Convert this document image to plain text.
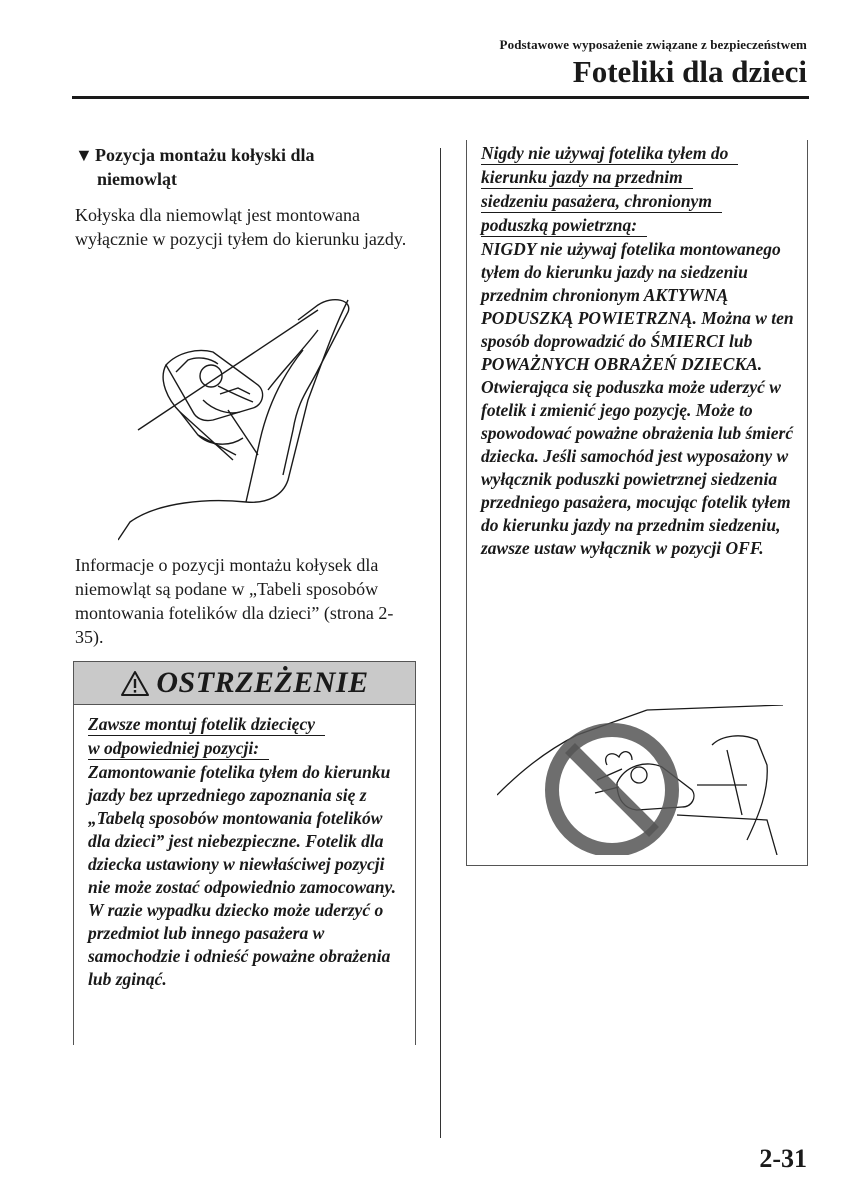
Podstawowe wyposażenie związane z bezpieczeństwem
Foteliki dla dzieci
▼ Pozycja montażu kołyski dla
niemowląt
Kołyska dla niemowląt jest montowana wyłącznie w pozycji tyłem do kierunku jazdy.
Informacje o pozycji montażu kołysek dla niemowląt są podane w „Tabeli sposobów montowania fotelików dla dzieci” (strona 2-35).
OSTRZEŻENIE
Zawsze montuj fotelik dziecięcy
w odpowiedniej pozycji:
Zamontowanie fotelika tyłem do kierunku jazdy bez uprzedniego zapoznania się z „Tabelą sposobów montowania fotelików dla dzieci” jest niebezpieczne. Fotelik dla dziecka ustawiony w niewłaściwej pozycji nie może zostać odpowiednio zamocowany. W razie wypadku dziecko może uderzyć o przedmiot lub innego pasażera w samochodzie i odnieść poważne obrażenia lub zginąć.
Nigdy nie używaj fotelika tyłem do
kierunku jazdy na przednim
siedzeniu pasażera, chronionym
poduszką powietrzną:
NIGDY nie używaj fotelika montowanego tyłem do kierunku jazdy na siedzeniu przednim chronionym AKTYWNĄ PODUSZKĄ POWIETRZNĄ. Można w ten sposób doprowadzić do ŚMIERCI lub POWAŻNYCH OBRAŻEŃ DZIECKA. Otwierająca się poduszka może uderzyć w fotelik i zmienić jego pozycję. Może to spowodować poważne obrażenia lub śmierć dziecka. Jeśli samochód jest wyposażony w wyłącznik poduszki powietrznej siedzenia przedniego pasażera, mocując fotelik tyłem do kierunku jazdy na przednim siedzeniu, zawsze ustaw wyłącznik w pozycji OFF.
2-31
